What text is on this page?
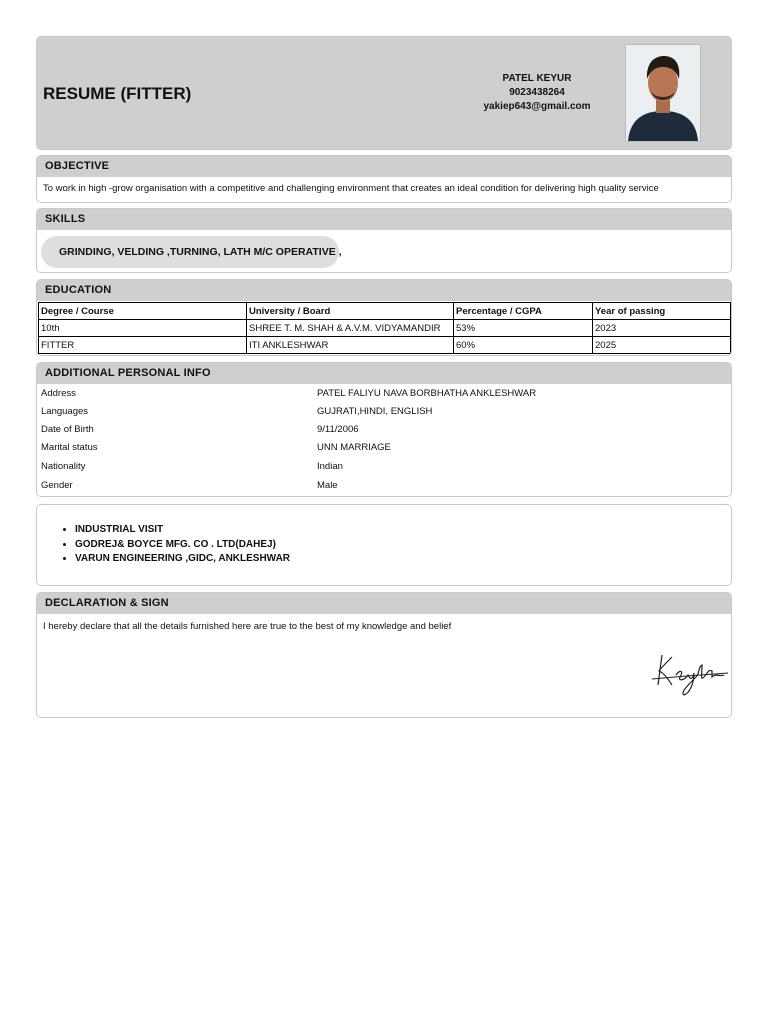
RESUME (FITTER)
PATEL KEYUR
9023438264
yakiep643@gmail.com
OBJECTIVE
To work in high -grow organisation with a competitive and challenging environment that creates an ideal condition for delivering high quality service
SKILLS
GRINDING, VELDING ,TURNING, LATH M/C OPERATIVE ,
EDUCATION
Degree / Course	University / Board	Percentage / CGPA	Year of passing
10th	SHREE T. M. SHAH & A.V.M. VIDYAMANDIR	53%	2023
FITTER	ITI ANKLESHWAR	60%	2025
ADDITIONAL PERSONAL INFO
Address	PATEL FALIYU NAVA BORBHATHA ANKLESHWAR
Languages	GUJRATI,HINDI, ENGLISH
Date of Birth	9/11/2006
Marital status	UNN MARRIAGE
Nationality	Indian
Gender	Male
• INDUSTRIAL VISIT
• GODREJ& BOYCE MFG. CO . LTD(DAHEJ)
• VARUN ENGINEERING ,GIDC, ANKLESHWAR
DECLARATION & SIGN
I hereby declare that all the details furnished here are true to the best of my knowledge and belief
